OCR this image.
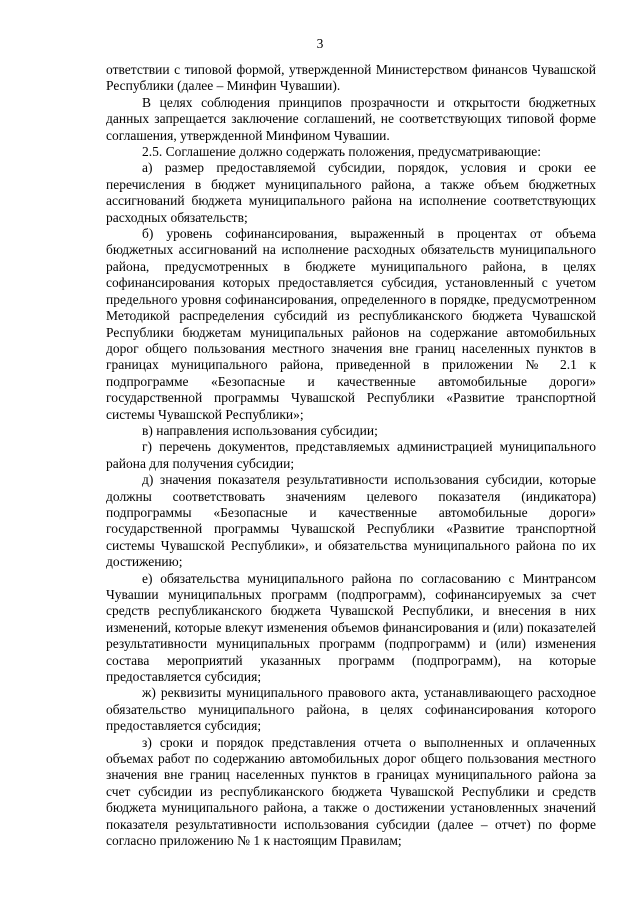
3

ответствии с типовой формой, утвержденной Министерством финансов Чувашской Республики (далее – Минфин Чувашии).

В целях соблюдения принципов прозрачности и открытости бюджетных данных запрещается заключение соглашений, не соответствующих типовой форме соглашения, утвержденной Минфином Чувашии.

2.5. Соглашение должно содержать положения, предусматривающие:

а) размер предоставляемой субсидии, порядок, условия и сроки ее перечисления в бюджет муниципального района, а также объем бюджетных ассигнований бюджета муниципального района на исполнение соответствующих расходных обязательств;

б) уровень софинансирования, выраженный в процентах от объема бюджетных ассигнований на исполнение расходных обязательств муниципального района, предусмотренных в бюджете муниципального района, в целях софинансирования которых предоставляется субсидия, установленный с учетом предельного уровня софинансирования, определенного в порядке, предусмотренном Методикой распределения субсидий из республиканского бюджета Чувашской Республики бюджетам муниципальных районов на содержание автомобильных дорог общего пользования местного значения вне границ населенных пунктов в границах муниципального района, приведенной в приложении № 2.1 к подпрограмме «Безопасные и качественные автомобильные дороги» государственной программы Чувашской Республики «Развитие транспортной системы Чувашской Республики»;

в) направления использования субсидии;

г) перечень документов, представляемых администрацией муниципального района для получения субсидии;

д) значения показателя результативности использования субсидии, которые должны соответствовать значениям целевого показателя (индикатора) подпрограммы «Безопасные и качественные автомобильные дороги» государственной программы Чувашской Республики «Развитие транспортной системы Чувашской Республики», и обязательства муниципального района по их достижению;

е) обязательства муниципального района по согласованию с Минтрансом Чувашии муниципальных программ (подпрограмм), софинансируемых за счет средств республиканского бюджета Чувашской Республики, и внесения в них изменений, которые влекут изменения объемов финансирования и (или) показателей результативности муниципальных программ (подпрограмм) и (или) изменения состава мероприятий указанных программ (подпрограмм), на которые предоставляется субсидия;

ж) реквизиты муниципального правового акта, устанавливающего расходное обязательство муниципального района, в целях софинансирования которого предоставляется субсидия;

з) сроки и порядок представления отчета о выполненных и оплаченных объемах работ по содержанию автомобильных дорог общего пользования местного значения вне границ населенных пунктов в границах муниципального района за счет субсидии из республиканского бюджета Чувашской Республики и средств бюджета муниципального района, а также о достижении установленных значений показателя результативности использования субсидии (далее – отчет) по форме согласно приложению № 1 к настоящим Правилам;
